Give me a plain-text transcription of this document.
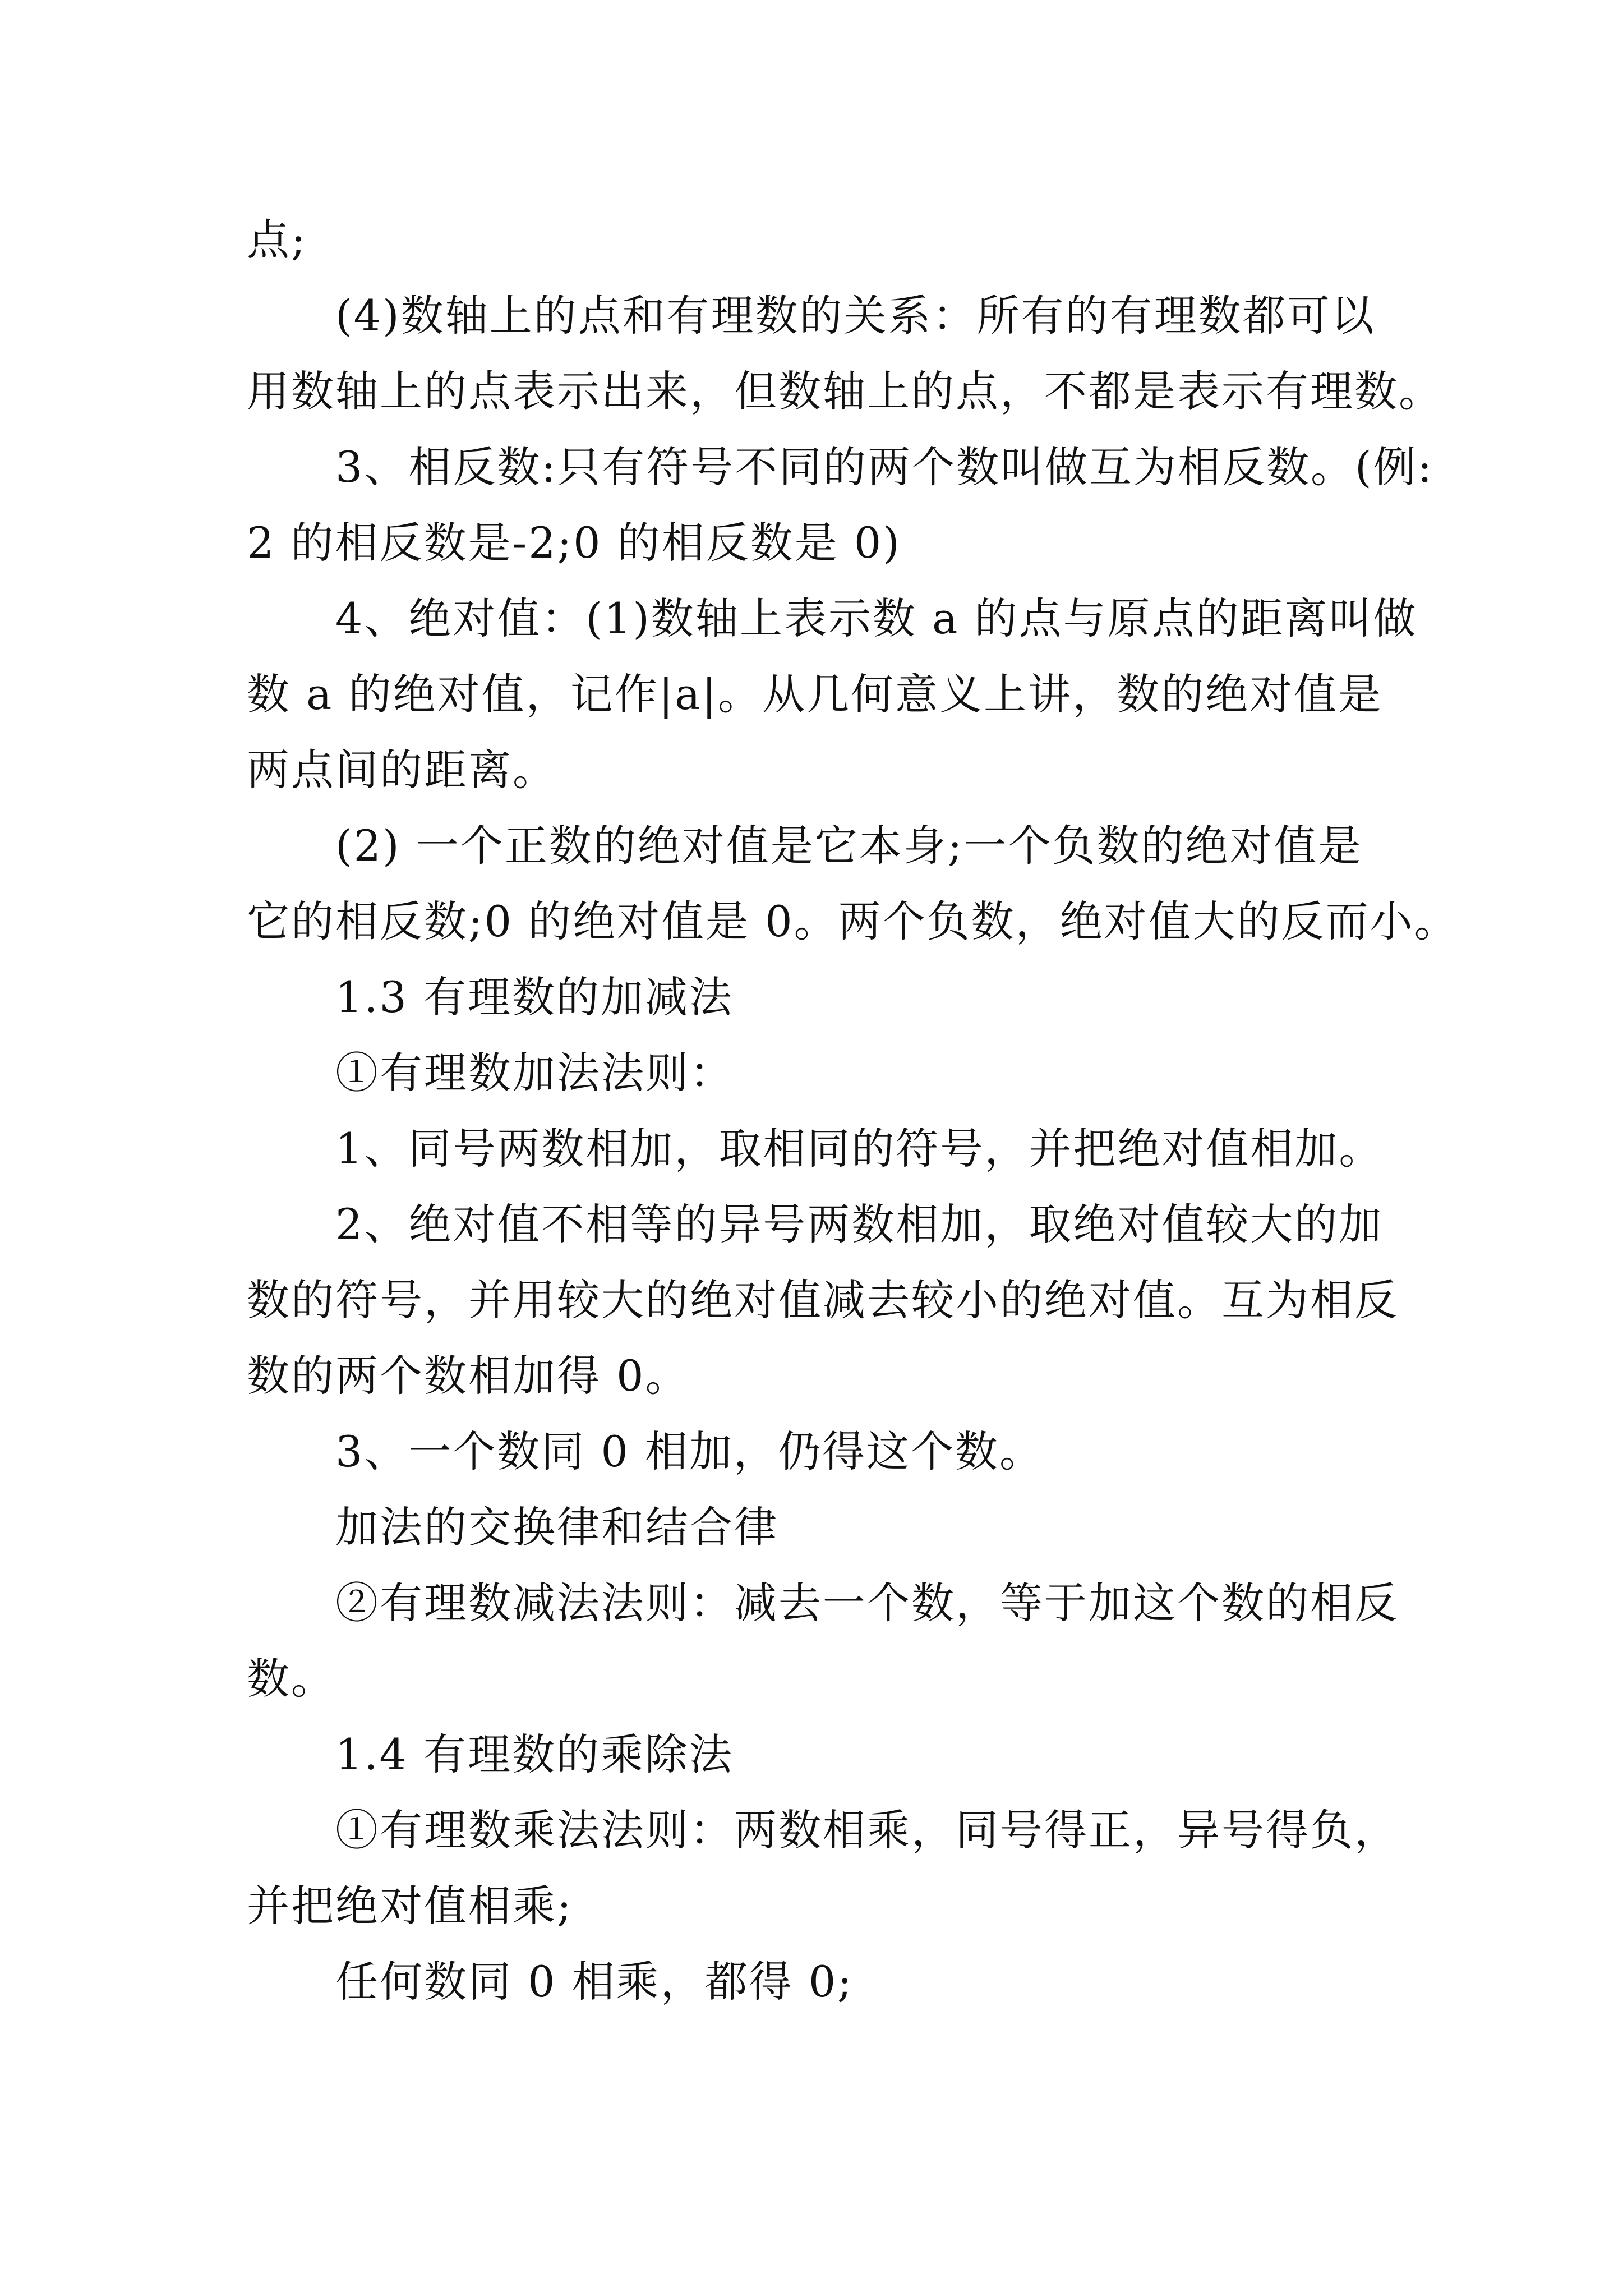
点;
(4)数轴上的点和有理数的关系：所有的有理数都可以
用数轴上的点表示出来，但数轴上的点，不都是表示有理数。
3、相反数:只有符号不同的两个数叫做互为相反数。(例:
2 的相反数是-2;0 的相反数是 0)
4、绝对值：(1)数轴上表示数 a 的点与原点的距离叫做
数 a 的绝对值，记作|a|。从几何意义上讲，数的绝对值是
两点间的距离。
(2) 一个正数的绝对值是它本身;一个负数的绝对值是
它的相反数;0 的绝对值是 0。两个负数，绝对值大的反而小。
1.3 有理数的加减法
①有理数加法法则：
1、同号两数相加，取相同的符号，并把绝对值相加。
2、绝对值不相等的异号两数相加，取绝对值较大的加
数的符号，并用较大的绝对值减去较小的绝对值。互为相反
数的两个数相加得 0。
3、一个数同 0 相加，仍得这个数。
加法的交换律和结合律
②有理数减法法则：减去一个数，等于加这个数的相反
数。
1.4 有理数的乘除法
①有理数乘法法则：两数相乘，同号得正，异号得负，
并把绝对值相乘;
任何数同 0 相乘，都得 0;
